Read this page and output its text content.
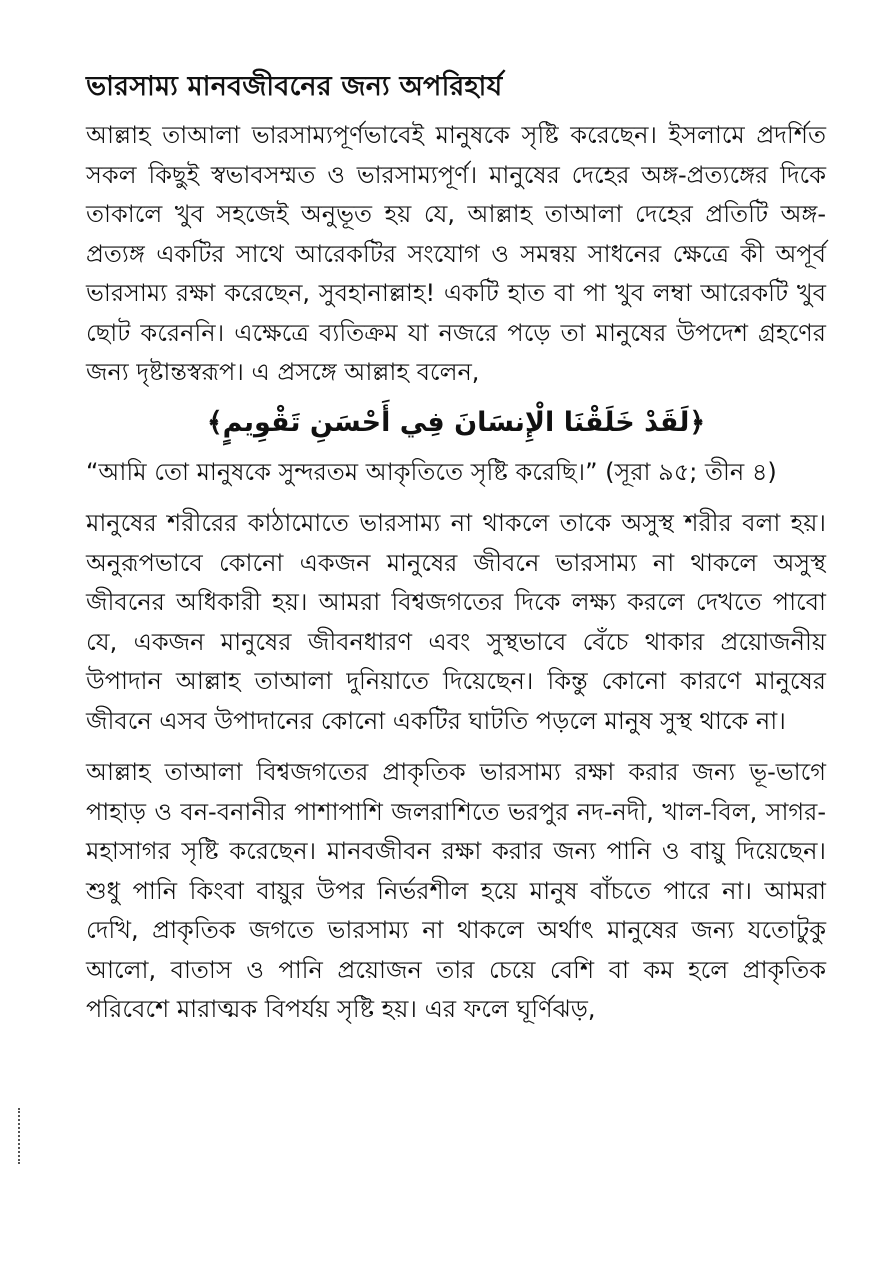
ভারসাম্য মানবজীবনের জন্য অপরিহার্য

আল্লাহ তাআলা ভারসাম্যপূর্ণভাবেই মানুষকে সৃষ্টি করেছেন। ইসলামে প্রদর্শিত সকল কিছুই স্বভাবসম্মত ও ভারসাম্যপূর্ণ। মানুষের দেহের অঙ্গ-প্রত্যঙ্গের দিকে তাকালে খুব সহজেই অনুভূত হয় যে, আল্লাহ তাআলা দেহের প্রতিটি অঙ্গ-প্রত্যঙ্গ একটির সাথে আরেকটির সংযোগ ও সমন্বয় সাধনের ক্ষেত্রে কী অপূর্ব ভারসাম্য রক্ষা করেছেন, সুবহানাল্লাহ! একটি হাত বা পা খুব লম্বা আরেকটি খুব ছোট করেননি। এক্ষেত্রে ব্যতিক্রম যা নজরে পড়ে তা মানুষের উপদেশ গ্রহণের জন্য দৃষ্টান্তস্বরূপ। এ প্রসঙ্গে আল্লাহ বলেন,

﴿لَقَدْ خَلَقْنَا الْإِنسَانَ فِي أَحْسَنِ تَقْوِيمٍ﴾

“আমি তো মানুষকে সুন্দরতম আকৃতিতে সৃষ্টি করেছি।” (সূরা ৯৫; তীন ৪)

মানুষের শরীরের কাঠামোতে ভারসাম্য না থাকলে তাকে অসুস্থ শরীর বলা হয়। অনুরূপভাবে কোনো একজন মানুষের জীবনে ভারসাম্য না থাকলে অসুস্থ জীবনের অধিকারী হয়। আমরা বিশ্বজগতের দিকে লক্ষ্য করলে দেখতে পাবো যে, একজন মানুষের জীবনধারণ এবং সুস্থভাবে বেঁচে থাকার প্রয়োজনীয় উপাদান আল্লাহ তাআলা দুনিয়াতে দিয়েছেন। কিন্তু কোনো কারণে মানুষের জীবনে এসব উপাদানের কোনো একটির ঘাটতি পড়লে মানুষ সুস্থ থাকে না।

আল্লাহ তাআলা বিশ্বজগতের প্রাকৃতিক ভারসাম্য রক্ষা করার জন্য ভূ-ভাগে পাহাড় ও বন-বনানীর পাশাপাশি জলরাশিতে ভরপুর নদ-নদী, খাল-বিল, সাগর-মহাসাগর সৃষ্টি করেছেন। মানবজীবন রক্ষা করার জন্য পানি ও বায়ু দিয়েছেন। শুধু পানি কিংবা বায়ুর উপর নির্ভরশীল হয়ে মানুষ বাঁচতে পারে না। আমরা দেখি, প্রাকৃতিক জগতে ভারসাম্য না থাকলে অর্থাৎ মানুষের জন্য যতোটুকু আলো, বাতাস ও পানি প্রয়োজন তার চেয়ে বেশি বা কম হলে প্রাকৃতিক পরিবেশে মারাত্মক বিপর্যয় সৃষ্টি হয়। এর ফলে ঘূর্ণিঝড়,
